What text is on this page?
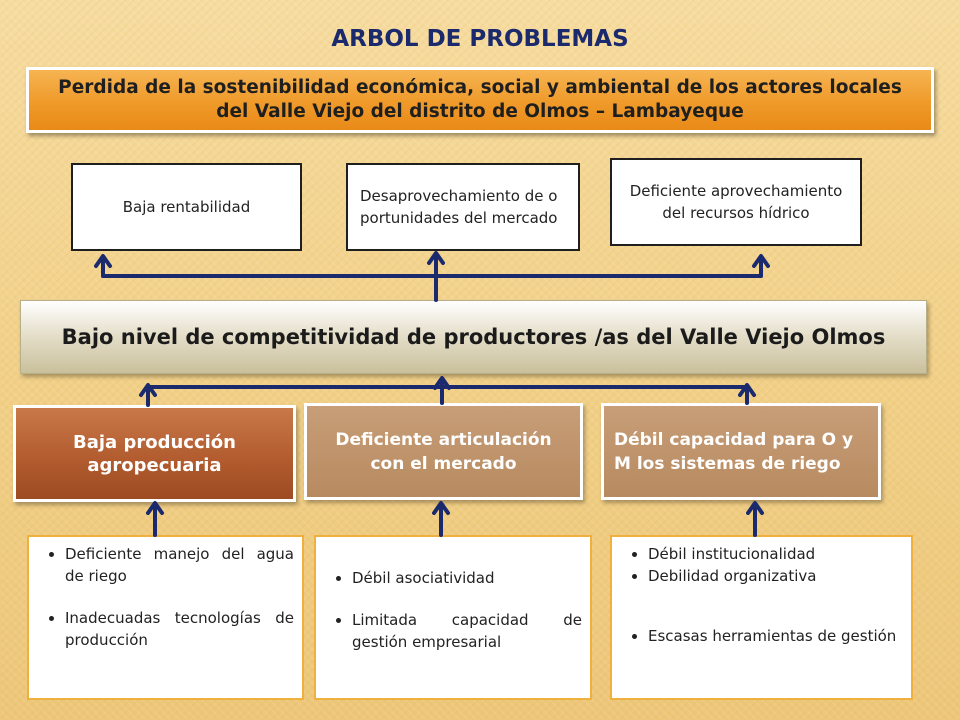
ARBOL DE PROBLEMAS
Perdida de la sostenibilidad económica, social y ambiental de los actores locales del Valle Viejo del distrito de Olmos – Lambayeque
Baja rentabilidad
Desaprovechamiento de oportunidades del mercado
Deficiente aprovechamiento del recursos hídrico
Bajo nivel de competitividad de productores /as del Valle Viejo Olmos
Baja producción agropecuaria
Deficiente articulación con el mercado
Débil capacidad para O y M los sistemas de riego
• Deficiente manejo del agua de riego
• Inadecuadas tecnologías de producción
• Débil asociatividad
• Limitada capacidad de gestión empresarial
• Débil institucionalidad
• Debilidad organizativa
• Escasas herramientas de gestión
